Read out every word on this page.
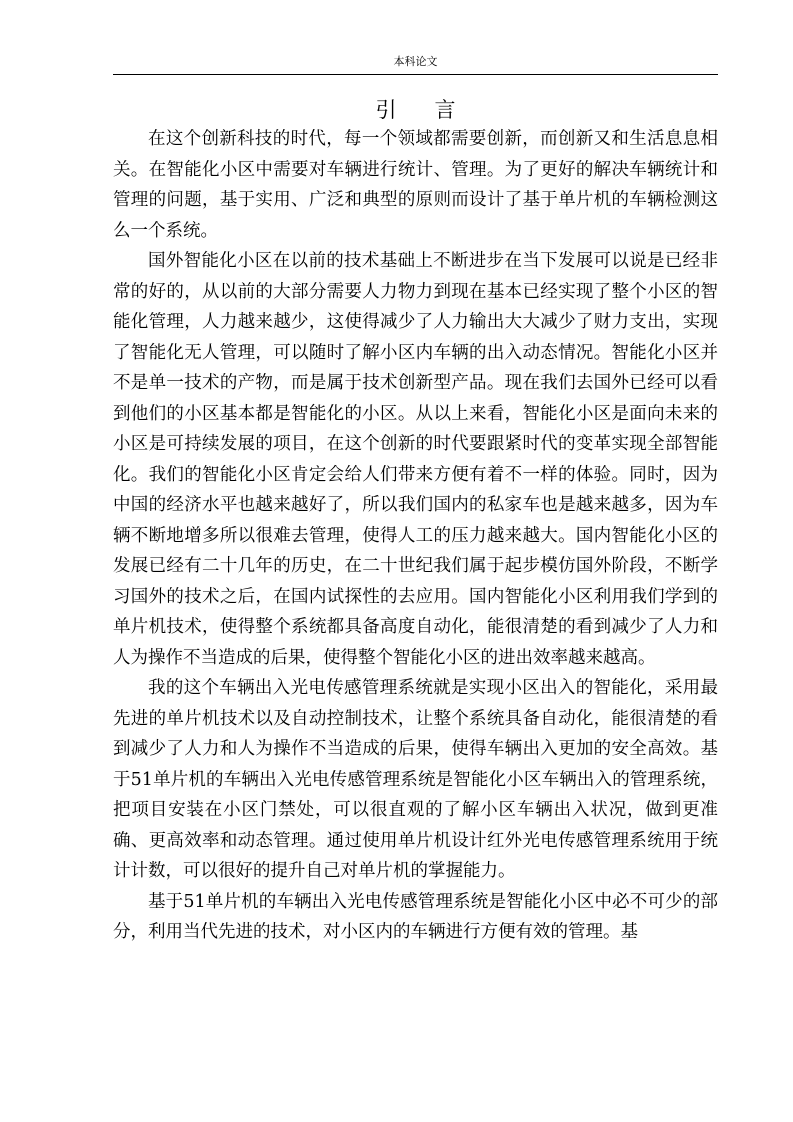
本科论文
引言

在这个创新科技的时代，每一个领域都需要创新，而创新又和生活息息相关。在智能化小区中需要对车辆进行统计、管理。为了更好的解决车辆统计和管理的问题，基于实用、广泛和典型的原则而设计了基于单片机的车辆检测这么一个系统。

国外智能化小区在以前的技术基础上不断进步在当下发展可以说是已经非常的好的，从以前的大部分需要人力物力到现在基本已经实现了整个小区的智能化管理，人力越来越少，这使得减少了人力输出大大减少了财力支出，实现了智能化无人管理，可以随时了解小区内车辆的出入动态情况。智能化小区并不是单一技术的产物，而是属于技术创新型产品。现在我们去国外已经可以看到他们的小区基本都是智能化的小区。从以上来看，智能化小区是面向未来的小区是可持续发展的项目，在这个创新的时代要跟紧时代的变革实现全部智能化。我们的智能化小区肯定会给人们带来方便有着不一样的体验。同时，因为中国的经济水平也越来越好了，所以我们国内的私家车也是越来越多，因为车辆不断地增多所以很难去管理，使得人工的压力越来越大。国内智能化小区的发展已经有二十几年的历史，在二十世纪我们属于起步模仿国外阶段，不断学习国外的技术之后，在国内试探性的去应用。国内智能化小区利用我们学到的单片机技术，使得整个系统都具备高度自动化，能很清楚的看到减少了人力和人为操作不当造成的后果，使得整个智能化小区的进出效率越来越高。

我的这个车辆出入光电传感管理系统就是实现小区出入的智能化，采用最先进的单片机技术以及自动控制技术，让整个系统具备自动化，能很清楚的看到减少了人力和人为操作不当造成的后果，使得车辆出入更加的安全高效。基于51单片机的车辆出入光电传感管理系统是智能化小区车辆出入的管理系统，把项目安装在小区门禁处，可以很直观的了解小区车辆出入状况，做到更准确、更高效率和动态管理。通过使用单片机设计红外光电传感管理系统用于统计计数，可以很好的提升自己对单片机的掌握能力。

基于51单片机的车辆出入光电传感管理系统是智能化小区中必不可少的部分，利用当代先进的技术，对小区内的车辆进行方便有效的管理。基
